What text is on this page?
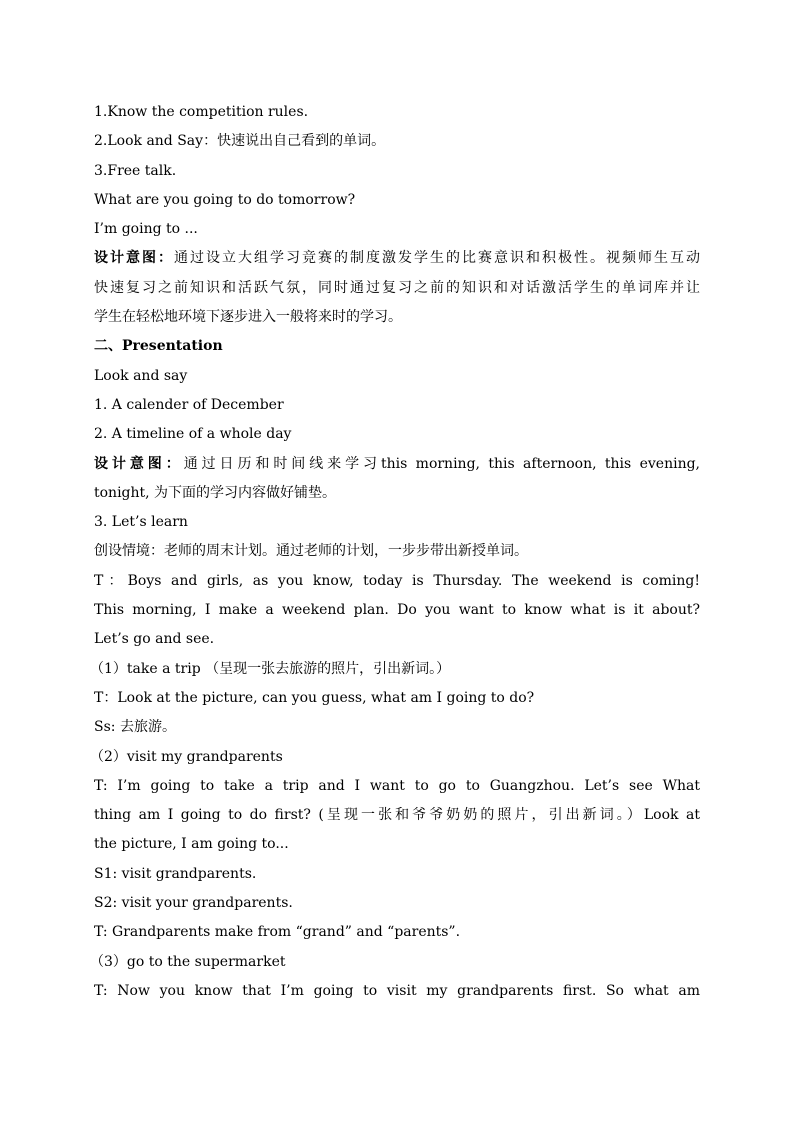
1.Know the competition rules.
2.Look and Say：快速说出自己看到的单词。
3.Free talk.
What are you going to do tomorrow?
I’m going to ...
设计意图：通过设立大组学习竞赛的制度激发学生的比赛意识和积极性。视频师生互动
快速复习之前知识和活跃气氛，同时通过复习之前的知识和对话激活学生的单词库并让
学生在轻松地环境下逐步进入一般将来时的学习。
二、Presentation
Look and say
1. A calender of December
2. A timeline of a whole day
设计意图：通过日历和时间线来学习this morning, this afternoon, this evening,
tonight, 为下面的学习内容做好铺垫。
3. Let’s learn
创设情境：老师的周末计划。通过老师的计划，一步步带出新授单词。
T：Boys and girls, as you know, today is Thursday. The weekend is coming!
This morning, I make a weekend plan. Do you want to know what is it about?
Let’s go and see.
（1）take a trip （呈现一张去旅游的照片，引出新词。）
T：Look at the picture, can you guess, what am I going to do?
Ss: 去旅游。
（2）visit my grandparents
T: I’m going to take a trip and I want to go to Guangzhou. Let’s see What
thing am I going to do first? (呈现一张和爷爷奶奶的照片，引出新词。）Look at
the picture, I am going to...
S1: visit grandparents.
S2: visit your grandparents.
T: Grandparents make from “grand” and “parents”.
（3）go to the supermarket
T: Now you know that I’m going to visit my grandparents first. So what am
